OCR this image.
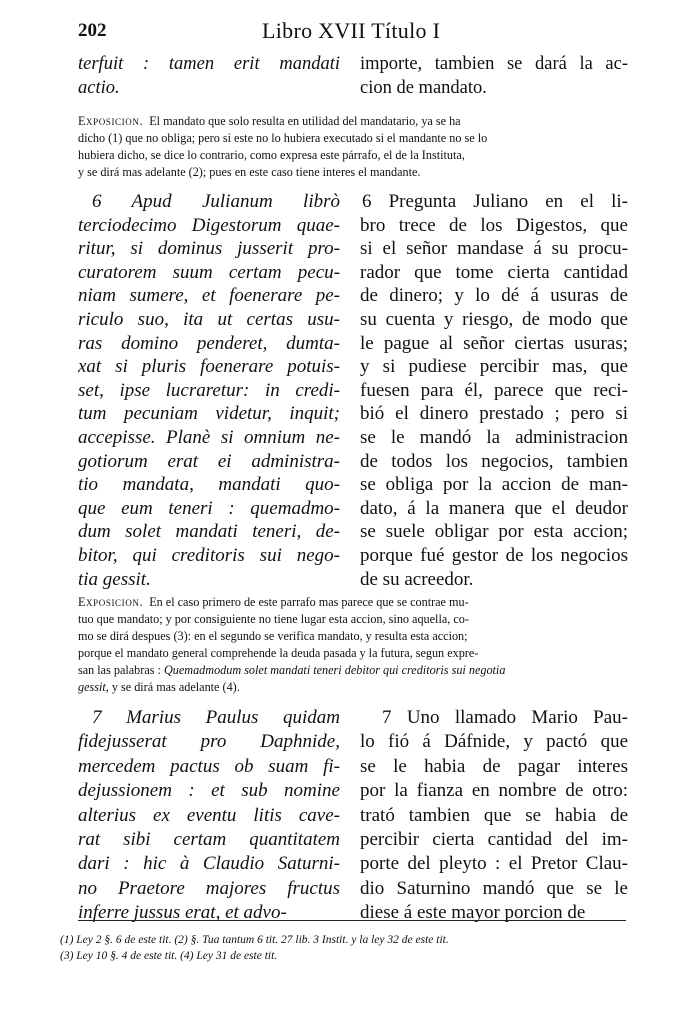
202	Libro XVII Título I
terfuit : tamen erit mandati
actio.
importe, tambien se dará la ac-
cion de mandato.
Exposicion. El mandato que solo resulta en utilidad del mandatario, ya se ha
dicho (1) que no obliga; pero si este no lo hubiera executado si el mandante no se lo
hubiera dicho, se dice lo contrario, como expresa este párrafo, el de la Instituta,
y se dirá mas adelante (2); pues en este caso tiene interes el mandante.
6 Apud Julianum librò
terciodecimo Digestorum quae-
ritur, si dominus jusserit pro-
curatorem suum certam pecu-
niam sumere, et foenerare pe-
riculo suo, ita ut certas usu-
ras domino penderet, dumta-
xat si pluris foenerare potuis-
set, ipse lucraretur: in credi-
tum pecuniam videtur, inquit;
accepisse. Planè si omnium ne-
gotiorum erat ei administra-
tio mandata, mandati quo-
que eum teneri : quemadmo-
dum solet mandati teneri, de-
bitor, qui creditoris sui nego-
tia gessit.
6 Pregunta Juliano en el li-
bro trece de los Digestos, que
si el señor mandase á su procu-
rador que tome cierta cantidad
de dinero; y lo dé á usuras de
su cuenta y riesgo, de modo que
le pague al señor ciertas usuras;
y si pudiese percibir mas, que
fuesen para él, parece que reci-
bió el dinero prestado ; pero si
se le mandó la administracion
de todos los negocios, tambien
se obliga por la accion de man-
dato, á la manera que el deudor
se suele obligar por esta accion;
porque fué gestor de los negocios
de su acreedor.
Exposicion. En el caso primero de este parrafo mas parece que se contrae mu-
tuo que mandato; y por consiguiente no tiene lugar esta accion, sino aquella, co-
mo se dirá despues (3): en el segundo se verifica mandato, y resulta esta accion;
porque el mandato general comprehende la deuda pasada y la futura, segun expre-
san las palabras : Quemadmodum solet mandati teneri debitor qui creditoris sui negotia
gessit, y se dirá mas adelante (4).
7 Marius Paulus quidam
fidejusserat pro Daphnide,
mercedem pactus ob suam fi-
dejussionem : et sub nomine
alterius ex eventu litis cave-
rat sibi certam quantitatem
dari : hic à Claudio Saturni-
no Praetore majores fructus
inferre jussus erat, et advo-
7 Uno llamado Mario Pau-
lo fió á Dáfnide, y pactó que
se le habia de pagar interes
por la fianza en nombre de otro:
trató tambien que se habia de
percibir cierta cantidad del im-
porte del pleyto : el Pretor Clau-
dio Saturnino mandó que se le
diese á este mayor porcion de
(1) Ley 2 §. 6 de este tit. (2) §. Tua tantum 6 tit. 27 lib. 3 Instit. y la ley 32 de este tit.
(3) Ley 10 §. 4 de este tit. (4) Ley 31 de este tit.
